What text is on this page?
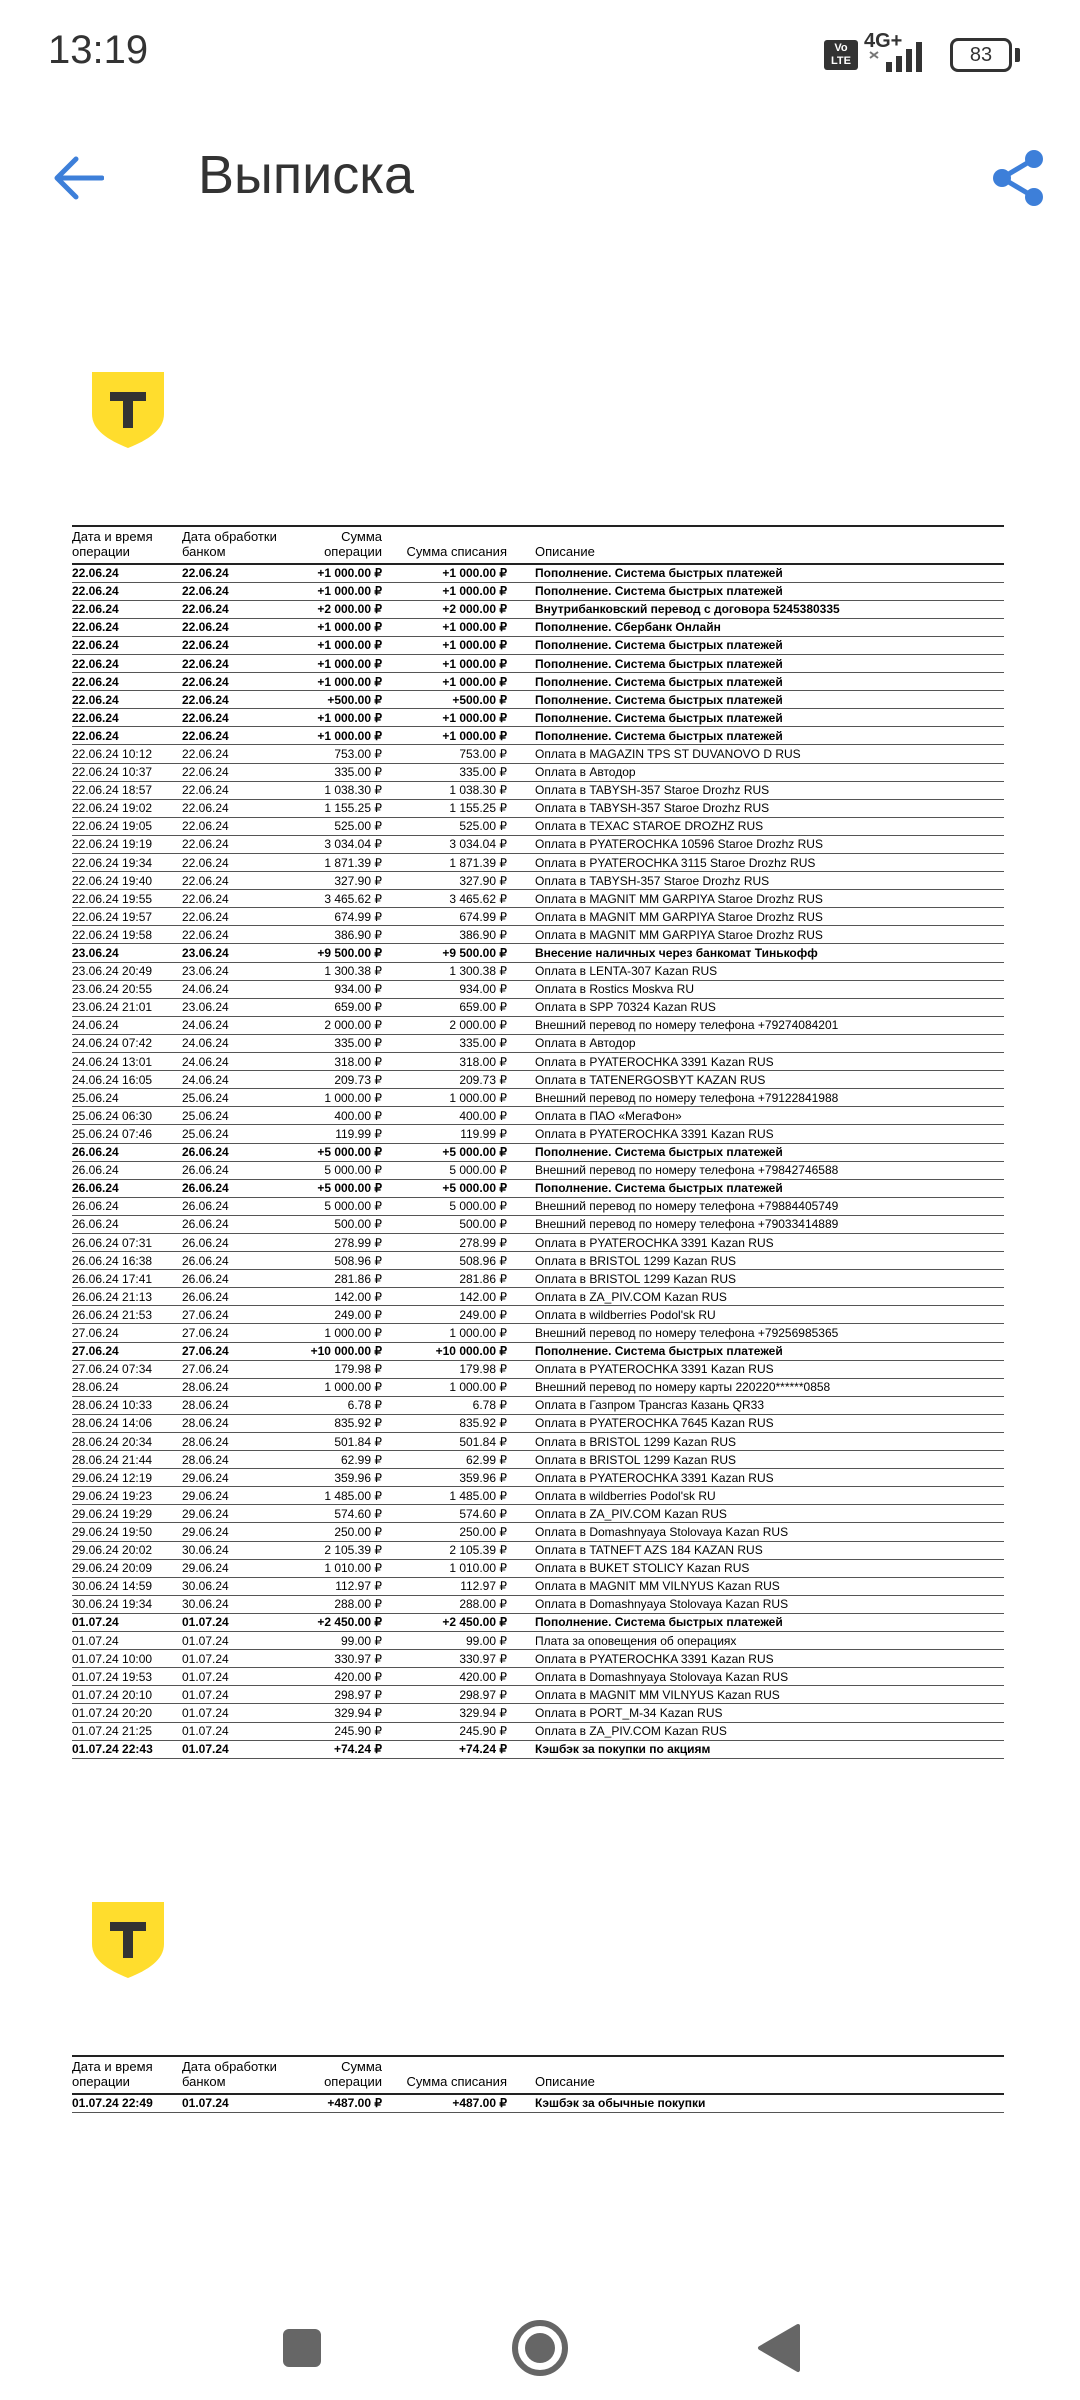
13:19	Vo LTE
4G+
83
Выписка
Дата и время операции	Дата обработки банком	Сумма операции	Сумма списания	Описание
22.06.24	22.06.24	+1 000.00 ₽	+1 000.00 ₽	Пополнение. Система быстрых платежей
22.06.24	22.06.24	+1 000.00 ₽	+1 000.00 ₽	Пополнение. Система быстрых платежей
22.06.24	22.06.24	+2 000.00 ₽	+2 000.00 ₽	Внутрибанковский перевод с договора 5245380335
22.06.24	22.06.24	+1 000.00 ₽	+1 000.00 ₽	Пополнение. Сбербанк Онлайн
22.06.24	22.06.24	+1 000.00 ₽	+1 000.00 ₽	Пополнение. Система быстрых платежей
22.06.24	22.06.24	+1 000.00 ₽	+1 000.00 ₽	Пополнение. Система быстрых платежей
22.06.24	22.06.24	+1 000.00 ₽	+1 000.00 ₽	Пополнение. Система быстрых платежей
22.06.24	22.06.24	+500.00 ₽	+500.00 ₽	Пополнение. Система быстрых платежей
22.06.24	22.06.24	+1 000.00 ₽	+1 000.00 ₽	Пополнение. Система быстрых платежей
22.06.24	22.06.24	+1 000.00 ₽	+1 000.00 ₽	Пополнение. Система быстрых платежей
22.06.24 10:12	22.06.24	753.00 ₽	753.00 ₽	Оплата в MAGAZIN TPS ST DUVANOVO D RUS
22.06.24 10:37	22.06.24	335.00 ₽	335.00 ₽	Оплата в Автодор
22.06.24 18:57	22.06.24	1 038.30 ₽	1 038.30 ₽	Оплата в TABYSH-357 Staroe Drozhz RUS
22.06.24 19:02	22.06.24	1 155.25 ₽	1 155.25 ₽	Оплата в TABYSH-357 Staroe Drozhz RUS
22.06.24 19:05	22.06.24	525.00 ₽	525.00 ₽	Оплата в TEXAC STAROE DROZHZ RUS
22.06.24 19:19	22.06.24	3 034.04 ₽	3 034.04 ₽	Оплата в PYATEROCHKA 10596 Staroe Drozhz RUS
22.06.24 19:34	22.06.24	1 871.39 ₽	1 871.39 ₽	Оплата в PYATEROCHKA 3115 Staroe Drozhz RUS
22.06.24 19:40	22.06.24	327.90 ₽	327.90 ₽	Оплата в TABYSH-357 Staroe Drozhz RUS
22.06.24 19:55	22.06.24	3 465.62 ₽	3 465.62 ₽	Оплата в MAGNIT MM GARPIYA Staroe Drozhz RUS
22.06.24 19:57	22.06.24	674.99 ₽	674.99 ₽	Оплата в MAGNIT MM GARPIYA Staroe Drozhz RUS
22.06.24 19:58	22.06.24	386.90 ₽	386.90 ₽	Оплата в MAGNIT MM GARPIYA Staroe Drozhz RUS
23.06.24	23.06.24	+9 500.00 ₽	+9 500.00 ₽	Внесение наличных через банкомат Тинькофф
23.06.24 20:49	23.06.24	1 300.38 ₽	1 300.38 ₽	Оплата в LENTA-307 Kazan RUS
23.06.24 20:55	24.06.24	934.00 ₽	934.00 ₽	Оплата в Rostics Moskva RU
23.06.24 21:01	23.06.24	659.00 ₽	659.00 ₽	Оплата в SPP 70324 Kazan RUS
24.06.24	24.06.24	2 000.00 ₽	2 000.00 ₽	Внешний перевод по номеру телефона +79274084201
24.06.24 07:42	24.06.24	335.00 ₽	335.00 ₽	Оплата в Автодор
24.06.24 13:01	24.06.24	318.00 ₽	318.00 ₽	Оплата в PYATEROCHKA 3391 Kazan RUS
24.06.24 16:05	24.06.24	209.73 ₽	209.73 ₽	Оплата в TATENERGOSBYT KAZAN RUS
25.06.24	25.06.24	1 000.00 ₽	1 000.00 ₽	Внешний перевод по номеру телефона +79122841988
25.06.24 06:30	25.06.24	400.00 ₽	400.00 ₽	Оплата в ПАО «МегаФон»
25.06.24 07:46	25.06.24	119.99 ₽	119.99 ₽	Оплата в PYATEROCHKA 3391 Kazan RUS
26.06.24	26.06.24	+5 000.00 ₽	+5 000.00 ₽	Пополнение. Система быстрых платежей
26.06.24	26.06.24	5 000.00 ₽	5 000.00 ₽	Внешний перевод по номеру телефона +79842746588
26.06.24	26.06.24	+5 000.00 ₽	+5 000.00 ₽	Пополнение. Система быстрых платежей
26.06.24	26.06.24	5 000.00 ₽	5 000.00 ₽	Внешний перевод по номеру телефона +79884405749
26.06.24	26.06.24	500.00 ₽	500.00 ₽	Внешний перевод по номеру телефона +79033414889
26.06.24 07:31	26.06.24	278.99 ₽	278.99 ₽	Оплата в PYATEROCHKA 3391 Kazan RUS
26.06.24 16:38	26.06.24	508.96 ₽	508.96 ₽	Оплата в BRISTOL 1299 Kazan RUS
26.06.24 17:41	26.06.24	281.86 ₽	281.86 ₽	Оплата в BRISTOL 1299 Kazan RUS
26.06.24 21:13	26.06.24	142.00 ₽	142.00 ₽	Оплата в ZA_PIV.COM Kazan RUS
26.06.24 21:53	27.06.24	249.00 ₽	249.00 ₽	Оплата в wildberries Podol'sk RU
27.06.24	27.06.24	1 000.00 ₽	1 000.00 ₽	Внешний перевод по номеру телефона +79256985365
27.06.24	27.06.24	+10 000.00 ₽	+10 000.00 ₽	Пополнение. Система быстрых платежей
27.06.24 07:34	27.06.24	179.98 ₽	179.98 ₽	Оплата в PYATEROCHKA 3391 Kazan RUS
28.06.24	28.06.24	1 000.00 ₽	1 000.00 ₽	Внешний перевод по номеру карты 220220******0858
28.06.24 10:33	28.06.24	6.78 ₽	6.78 ₽	Оплата в Газпром Трансгаз Казань QR33
28.06.24 14:06	28.06.24	835.92 ₽	835.92 ₽	Оплата в PYATEROCHKA 7645 Kazan RUS
28.06.24 20:34	28.06.24	501.84 ₽	501.84 ₽	Оплата в BRISTOL 1299 Kazan RUS
28.06.24 21:44	28.06.24	62.99 ₽	62.99 ₽	Оплата в BRISTOL 1299 Kazan RUS
29.06.24 12:19	29.06.24	359.96 ₽	359.96 ₽	Оплата в PYATEROCHKA 3391 Kazan RUS
29.06.24 19:23	29.06.24	1 485.00 ₽	1 485.00 ₽	Оплата в wildberries Podol'sk RU
29.06.24 19:29	29.06.24	574.60 ₽	574.60 ₽	Оплата в ZA_PIV.COM Kazan RUS
29.06.24 19:50	29.06.24	250.00 ₽	250.00 ₽	Оплата в Domashnyaya Stolovaya Kazan RUS
29.06.24 20:02	30.06.24	2 105.39 ₽	2 105.39 ₽	Оплата в TATNEFT AZS 184 KAZAN RUS
29.06.24 20:09	29.06.24	1 010.00 ₽	1 010.00 ₽	Оплата в BUKET STOLICY Kazan RUS
30.06.24 14:59	30.06.24	112.97 ₽	112.97 ₽	Оплата в MAGNIT MM VILNYUS Kazan RUS
30.06.24 19:34	30.06.24	288.00 ₽	288.00 ₽	Оплата в Domashnyaya Stolovaya Kazan RUS
01.07.24	01.07.24	+2 450.00 ₽	+2 450.00 ₽	Пополнение. Система быстрых платежей
01.07.24	01.07.24	99.00 ₽	99.00 ₽	Плата за оповещения об операциях
01.07.24 10:00	01.07.24	330.97 ₽	330.97 ₽	Оплата в PYATEROCHKA 3391 Kazan RUS
01.07.24 19:53	01.07.24	420.00 ₽	420.00 ₽	Оплата в Domashnyaya Stolovaya Kazan RUS
01.07.24 20:10	01.07.24	298.97 ₽	298.97 ₽	Оплата в MAGNIT MM VILNYUS Kazan RUS
01.07.24 20:20	01.07.24	329.94 ₽	329.94 ₽	Оплата в PORT_M-34 Kazan RUS
01.07.24 21:25	01.07.24	245.90 ₽	245.90 ₽	Оплата в ZA_PIV.COM Kazan RUS
01.07.24 22:43	01.07.24	+74.24 ₽	+74.24 ₽	Кэшбэк за покупки по акциям
Дата и время операции	Дата обработки банком	Сумма операции	Сумма списания	Описание
01.07.24 22:49	01.07.24	+487.00 ₽	+487.00 ₽	Кэшбэк за обычные покупки
